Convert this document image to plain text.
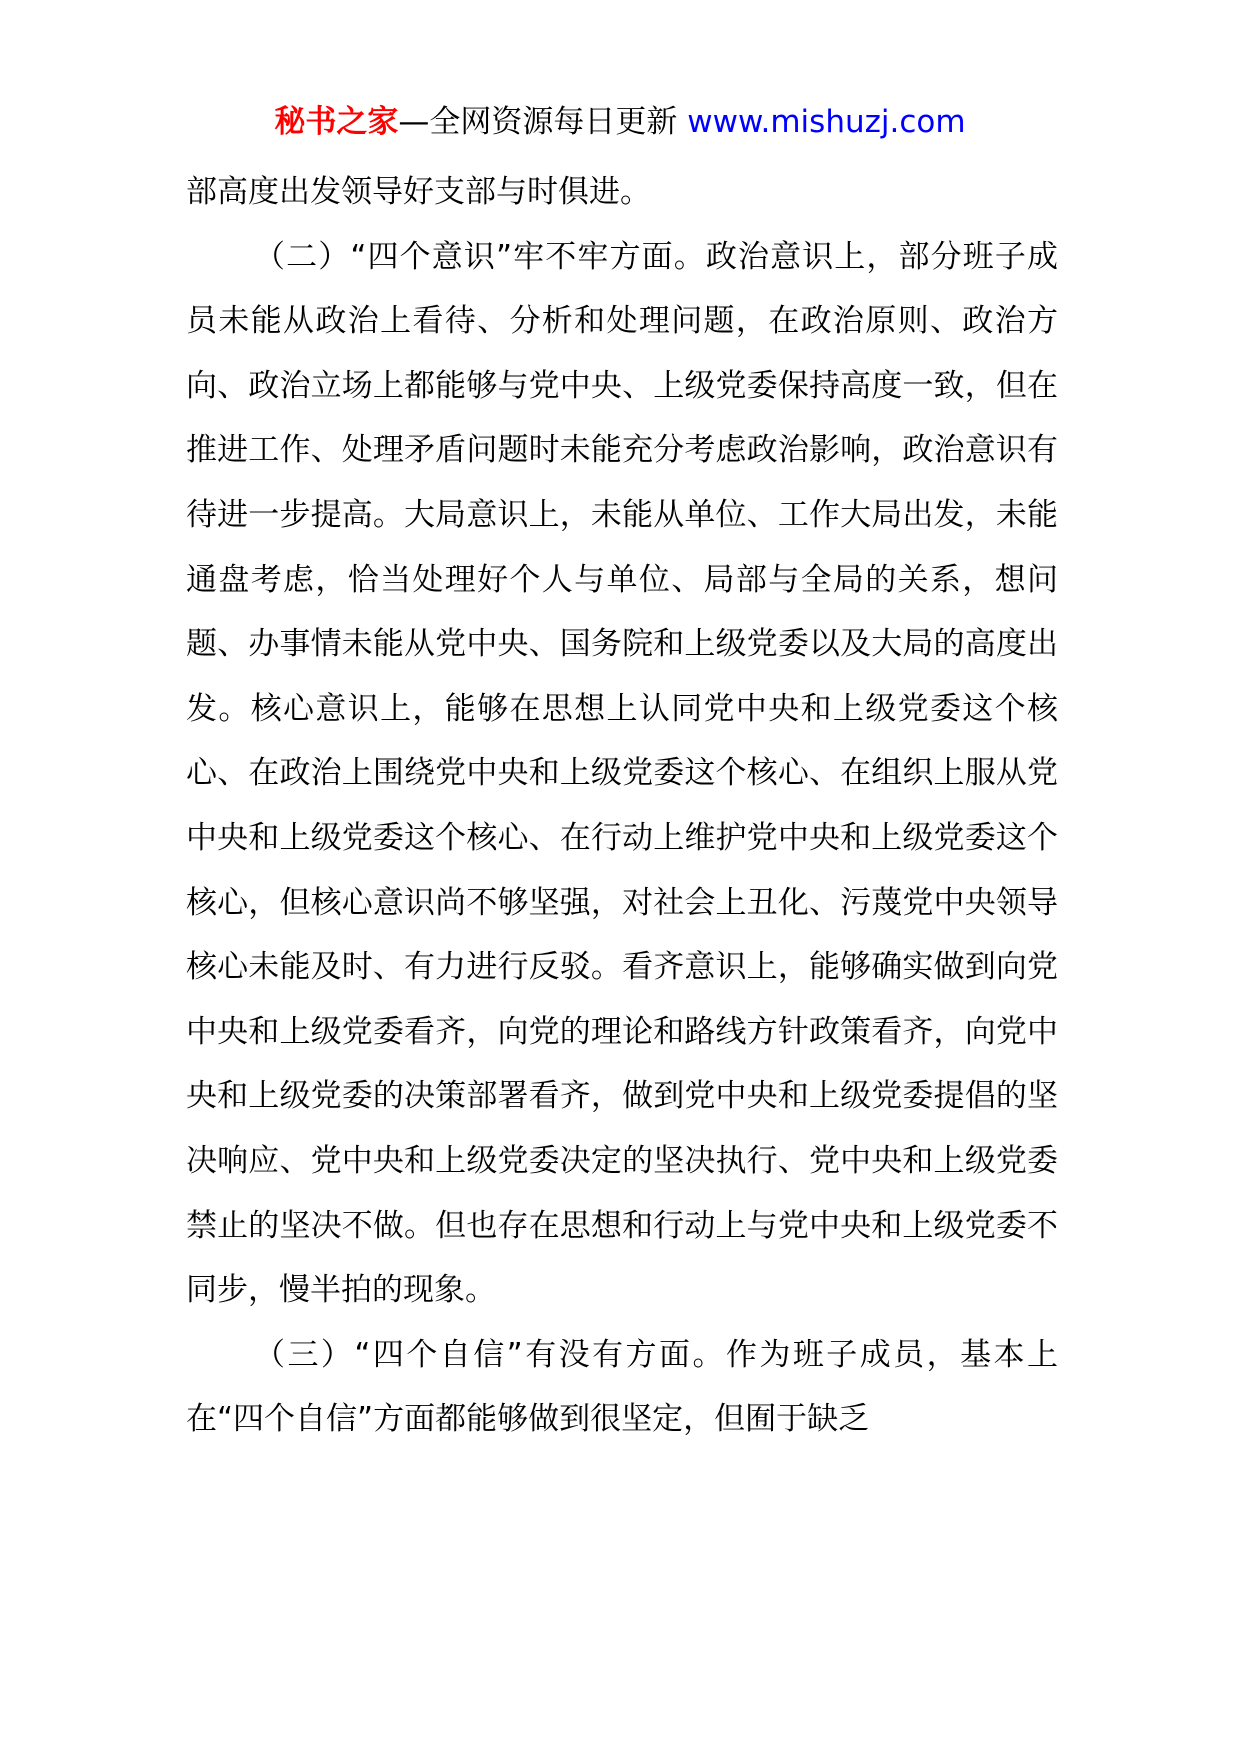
秘书之家—全网资源每日更新 www.mishuzj.com

部高度出发领导好支部与时俱进。

（二）“四个意识”牢不牢方面。政治意识上，部分班子成员未能从政治上看待、分析和处理问题，在政治原则、政治方向、政治立场上都能够与党中央、上级党委保持高度一致，但在推进工作、处理矛盾问题时未能充分考虑政治影响，政治意识有待进一步提高。大局意识上，未能从单位、工作大局出发，未能通盘考虑，恰当处理好个人与单位、局部与全局的关系，想问题、办事情未能从党中央、国务院和上级党委以及大局的高度出发。核心意识上，能够在思想上认同党中央和上级党委这个核心、在政治上围绕党中央和上级党委这个核心、在组织上服从党中央和上级党委这个核心、在行动上维护党中央和上级党委这个核心，但核心意识尚不够坚强，对社会上丑化、污蔑党中央领导核心未能及时、有力进行反驳。看齐意识上，能够确实做到向党中央和上级党委看齐，向党的理论和路线方针政策看齐，向党中央和上级党委的决策部署看齐，做到党中央和上级党委提倡的坚决响应、党中央和上级党委决定的坚决执行、党中央和上级党委禁止的坚决不做。但也存在思想和行动上与党中央和上级党委不同步，慢半拍的现象。

（三）“四个自信”有没有方面。作为班子成员，基本上在“四个自信”方面都能够做到很坚定，但囿于缺乏
